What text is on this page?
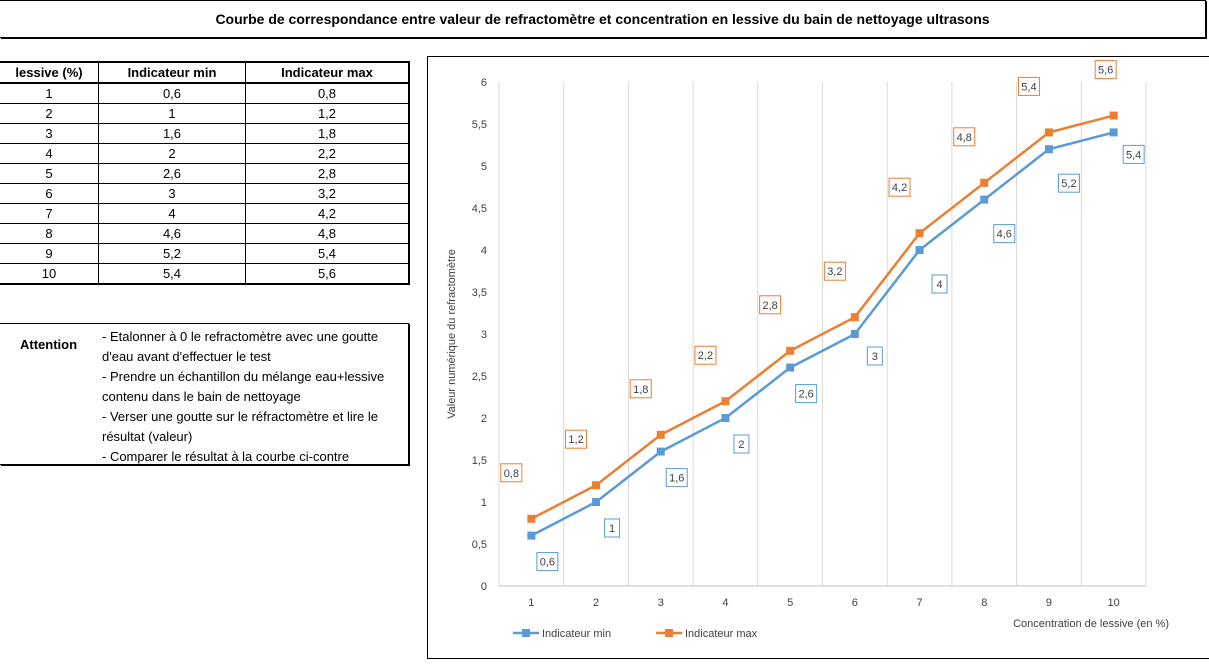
Courbe de correspondance entre valeur de refractomètre et concentration en lessive du bain de nettoyage ultrasons
lessive (%)	Indicateur min	Indicateur max
1	0,6	0,8
2	1	1,2
3	1,6	1,8
4	2	2,2
5	2,6	2,8
6	3	3,2
7	4	4,2
8	4,6	4,8
9	5,2	5,4
10	5,4	5,6
Attention
- Etalonner à 0 le refractomètre avec une goutte d'eau avant d'effectuer le test
- Prendre un échantillon du mélange eau+lessive contenu dans le bain de nettoyage
- Verser une goutte sur le réfractomètre et lire le résultat (valeur)
- Comparer le résultat à la courbe ci-contre
0
0,5
1
1,5
2
2,5
3
3,5
4
4,5
5
5,5
6
1	2	3	4	5	6	7	8	9	10
Valeur numérique du refractomètre
Concentration de lessive (en %)
0,8
1,2
1,8
2,2
2,8
3,2
4,2
4,8
5,4
5,6
0,6
1
1,6
2
2,6
3
4
4,6
5,2
5,4
Indicateur min	Indicateur max
